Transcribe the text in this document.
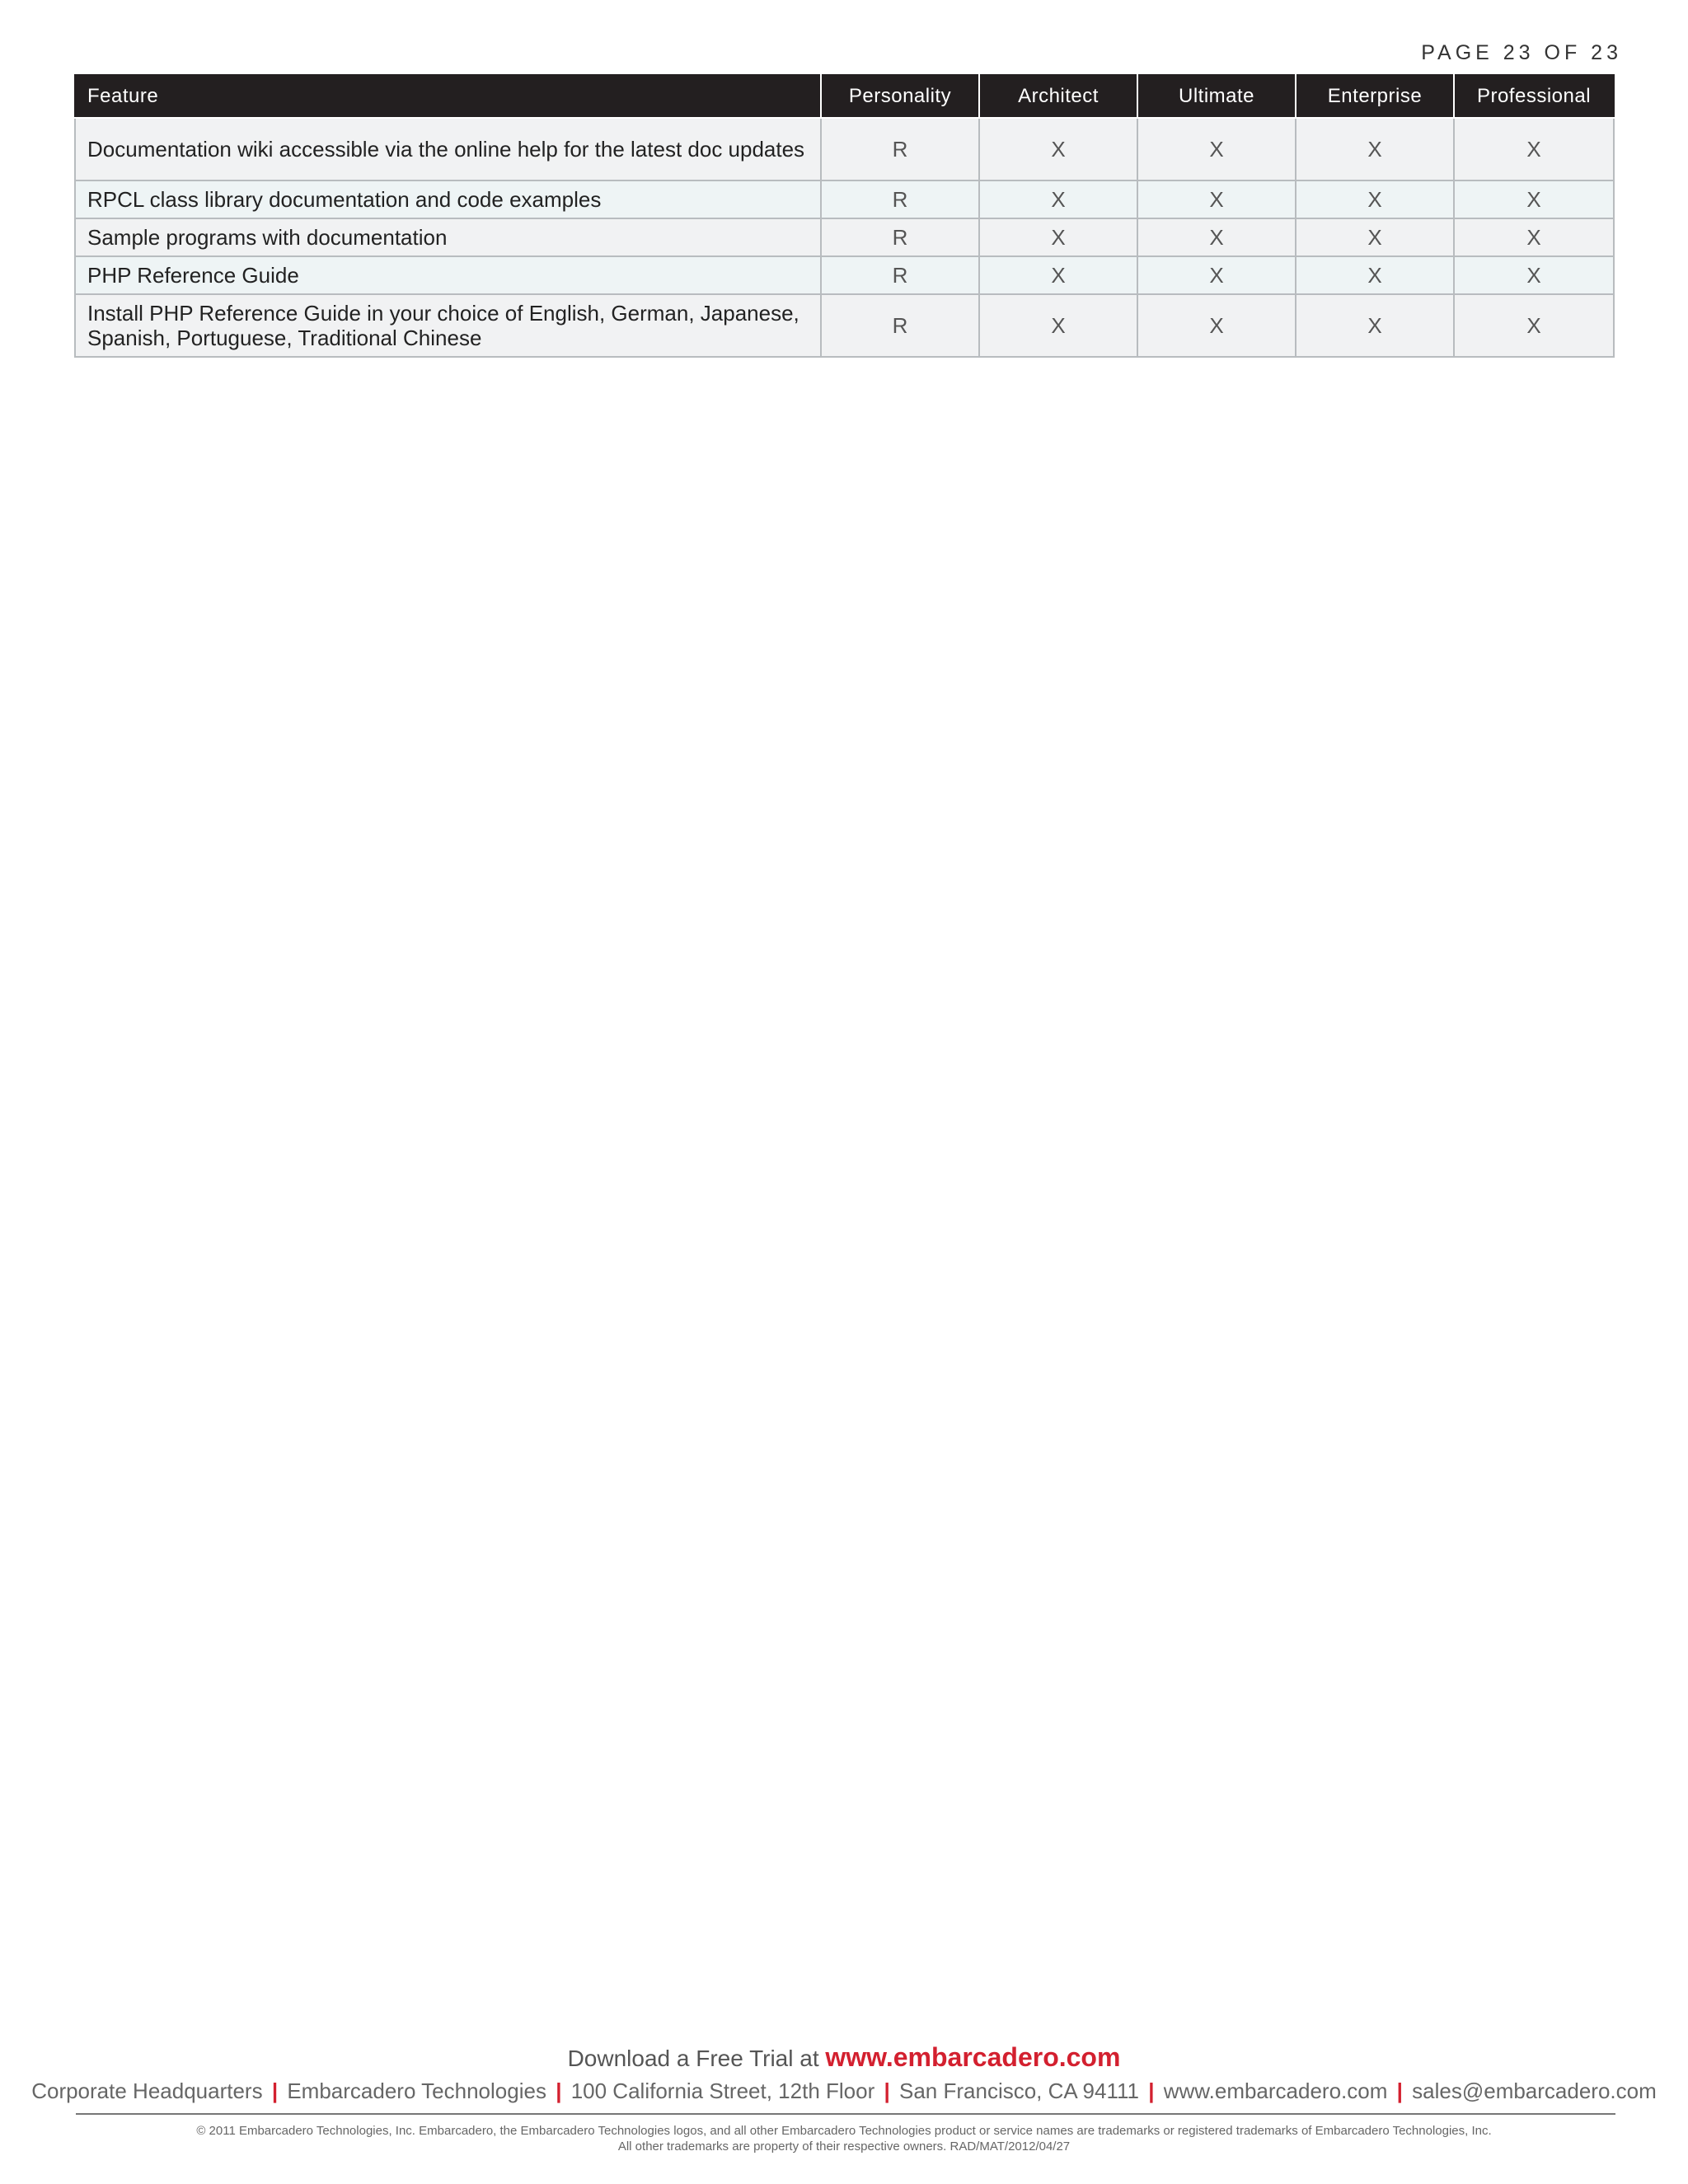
PAGE 23 OF 23
Feature	Personality	Architect	Ultimate	Enterprise	Professional
Documentation wiki accessible via the online help for the latest doc updates	R	X	X	X	X
RPCL class library documentation and code examples	R	X	X	X	X
Sample programs with documentation	R	X	X	X	X
PHP Reference Guide	R	X	X	X	X
Install PHP Reference Guide in your choice of English, German, Japanese, Spanish, Portuguese, Traditional Chinese	R	X	X	X	X
Download a Free Trial at www.embarcadero.com
Corporate Headquarters | Embarcadero Technologies | 100 California Street, 12th Floor | San Francisco, CA 94111 | www.embarcadero.com | sales@embarcadero.com
© 2011 Embarcadero Technologies, Inc. Embarcadero, the Embarcadero Technologies logos, and all other Embarcadero Technologies product or service names are trademarks or registered trademarks of Embarcadero Technologies, Inc.
All other trademarks are property of their respective owners. RAD/MAT/2012/04/27
